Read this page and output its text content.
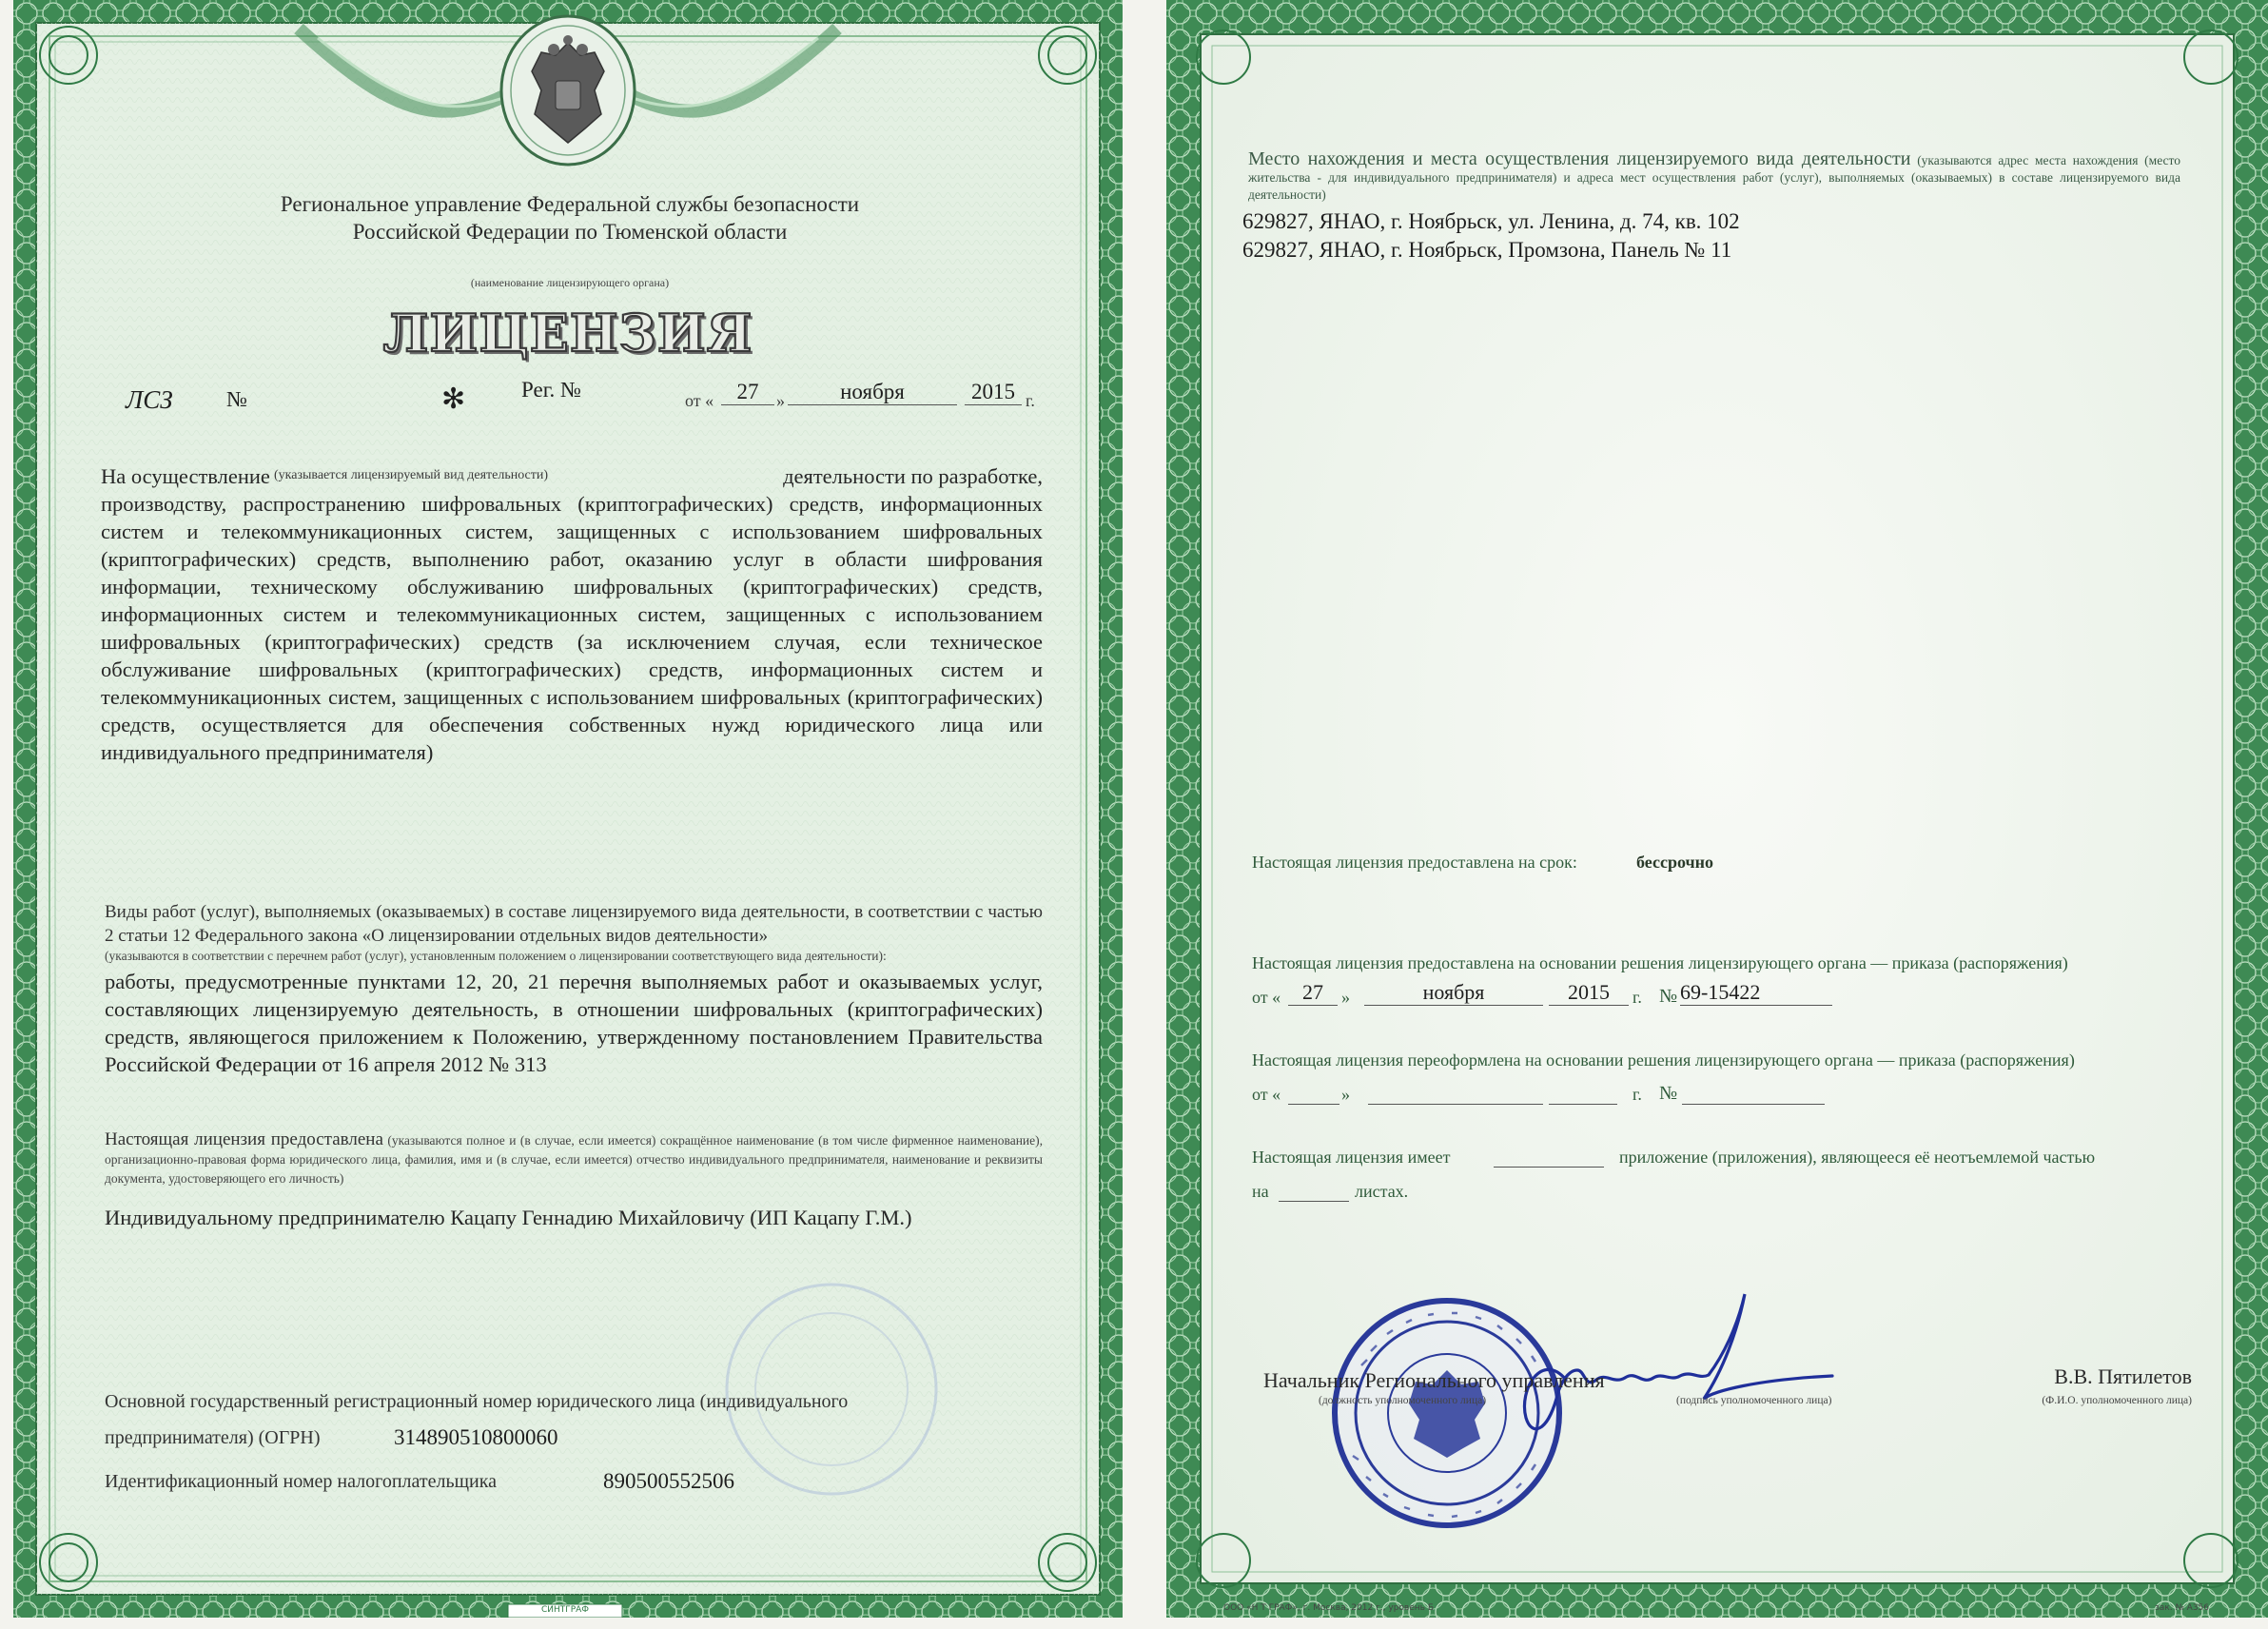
Региональное управление Федеральной службы безопасности

Российской Федерации по Тюменской области

(наименование лицензирующего органа)

ЛИЦЕНЗИЯ

ЛСЗ №	✻	Рег. №	от «	27	»	ноября	2015 г.

На осуществление (указывается лицензируемый вид деятельности)	деятельности по разработке,

производству, распространению шифровальных (криптографических) средств, информационных систем и телекоммуникационных систем, защищенных с использованием шифровальных (криптографических) средств, выполнению работ, оказанию услуг в области шифрования информации, техническому обслуживанию шифровальных (криптографических) средств, информационных систем и телекоммуникационных систем, защищенных с использованием шифровальных (криптографических) средств (за исключением случая, если техническое обслуживание шифровальных (криптографических) средств, информационных систем и телекоммуникационных систем, защищенных с использованием шифровальных (криптографических) средств, осуществляется для обеспечения собственных нужд юридического лица или индивидуального предпринимателя)

Виды работ (услуг), выполняемых (оказываемых) в составе лицензируемого вида деятельности, в соответствии с частью 2 статьи 12 Федерального закона «О лицензировании отдельных видов деятельности»

(указываются в соответствии с перечнем работ (услуг), установленным положением о лицензировании соответствующего вида деятельности):

работы, предусмотренные пунктами 12, 20, 21 перечня выполняемых работ и оказываемых услуг, составляющих лицензируемую деятельность, в отношении шифровальных (криптографических) средств, являющегося приложением к Положению, утвержденному постановлением Правительства Российской Федерации от 16 апреля 2012 № 313

Настоящая лицензия предоставлена (указываются полное и (в случае, если имеется) сокращённое наименование (в том числе фирменное наименование), организационно-правовая форма юридического лица, фамилия, имя и (в случае, если имеется) отчество индивидуального предпринимателя, наименование и реквизиты документа, удостоверяющего его личность)

Индивидуальному предпринимателю Кацапу Геннадию Михайловичу (ИП Кацапу Г.М.)

Основной государственный регистрационный номер юридического лица (индивидуального

предпринимателя) (ОГРН)	314890510800060

Идентификационный номер налогоплательщика	890500552506

СИНТГРАФ

Место нахождения и места осуществления лицензируемого вида деятельности (указываются адрес места нахождения (место жительства - для индивидуального предпринимателя) и адреса мест осуществления работ (услуг), выполняемых (оказываемых) в составе лицензируемого вида деятельности)

629827, ЯНАО, г. Ноябрьск, ул. Ленина, д. 74, кв. 102

629827, ЯНАО, г. Ноябрьск, Промзона, Панель № 11

Настоящая лицензия предоставлена на срок:	бессрочно

Настоящая лицензия предоставлена на основании решения лицензирующего органа — приказа (распоряжения)

от «	27	»	ноября	2015	г. № 69-15422

Настоящая лицензия переоформлена на основании решения лицензирующего органа — приказа (распоряжения)

от «	»	г. №

Настоящая лицензия имеет	приложение (приложения), являющееся её неотъемлемой частью

на	листах.

Начальник Регионального управления

(должность уполномоченного лица)	(подпись уполномоченного лица)

В.В. Пятилетов

(Ф.И.О. уполномоченного лица)

ООО «Н Т ГРАФ», г. Москва, 2012 г., уровень Б	зак. № А356
